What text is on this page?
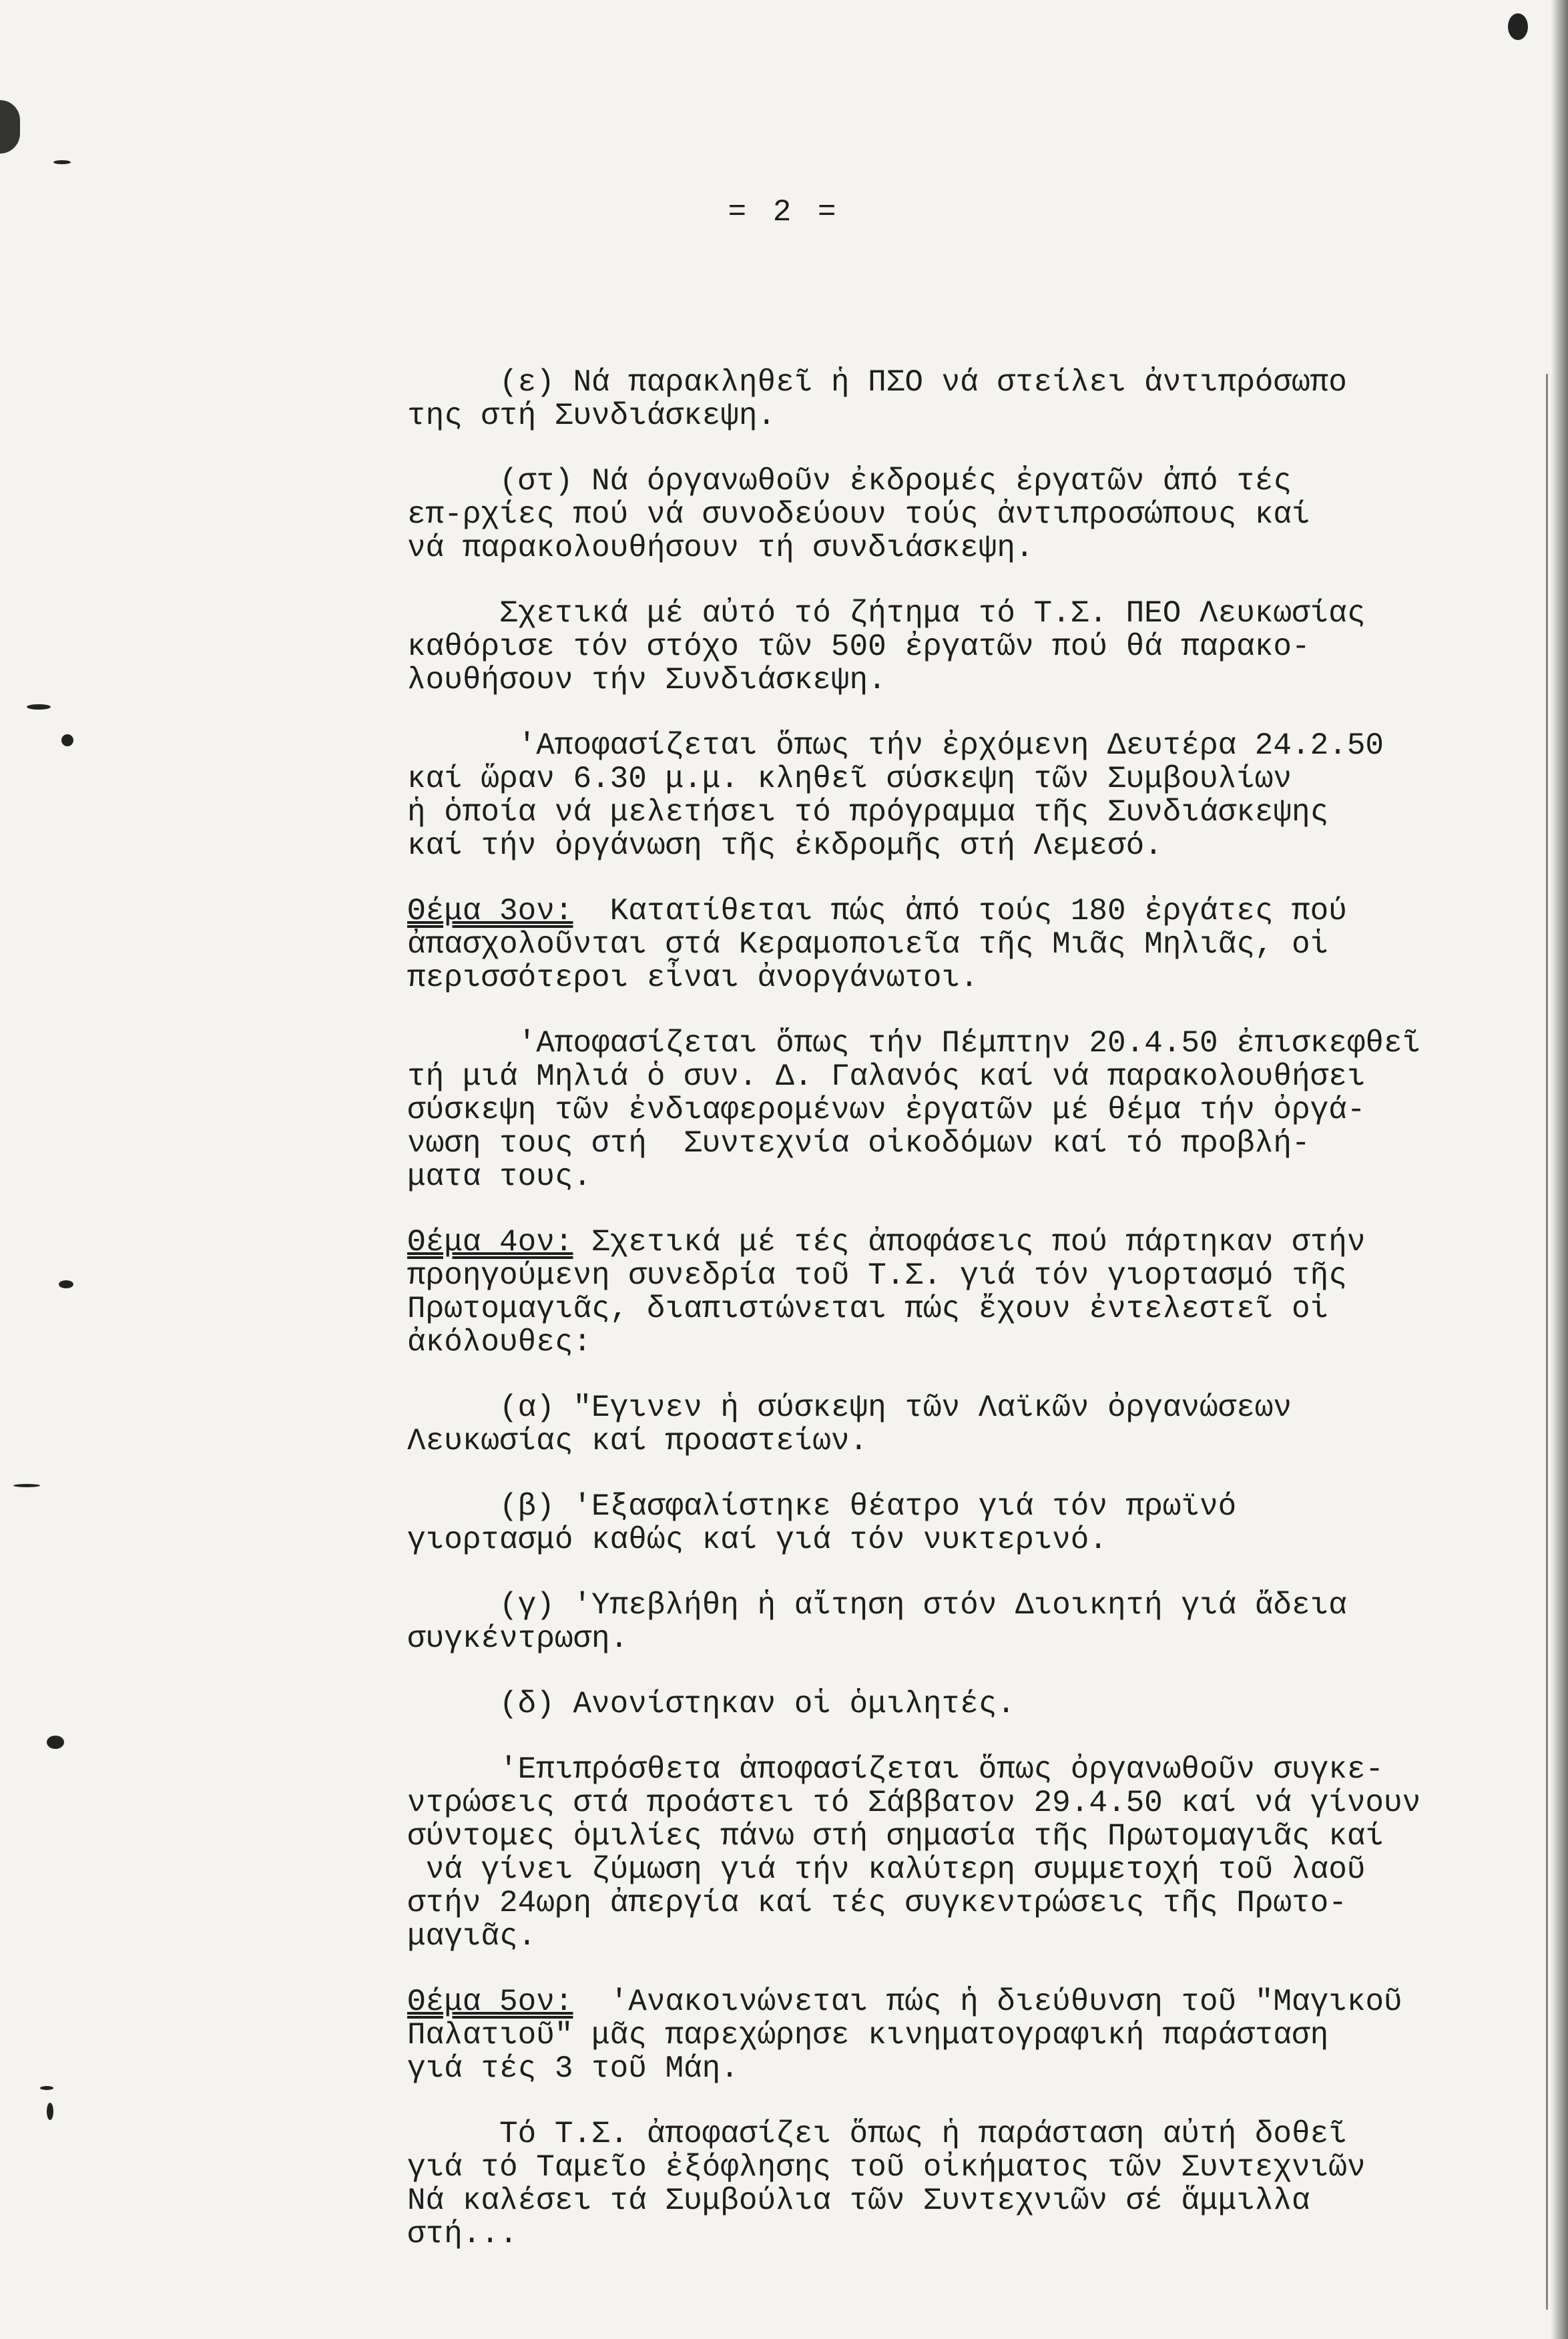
= 2 =
(ε) Νά παρακληθεῖ ἡ ΠΣΟ νά στείλει ἀντιπρόσωπο
της στή Συνδιάσκεψη.
(στ) Νά όργανωθοῦν ἐκδρομές ἐργατῶν ἀπό τές
επ-ρχίες πού νά συνοδεύουν τούς ἀντιπροσώπους καί
νά παρακολουθήσουν τή συνδιάσκεψη.
Σχετικά μέ αὐτό τό ζήτημα τό Τ.Σ. ΠΕΟ Λευκωσίας
καθόρισε τόν στόχο τῶν 500 ἐργατῶν πού θά παρακο-
λουθήσουν τήν Συνδιάσκεψη.
'Αποφασίζεται ὅπως τήν ἐρχόμενη Δευτέρα 24.2.50
καί ὥραν 6.30 μ.μ. κληθεῖ σύσκεψη τῶν Συμβουλίων
ἡ ὁποία νά μελετήσει τό πρόγραμμα τῆς Συνδιάσκεψης
καί τήν ὀργάνωση τῆς ἐκδρομῆς στή Λεμεσό.
Θέμα 3ον:  Κατατίθεται πώς ἀπό τούς 180 ἐργάτες πού
ἀπασχολοῦνται στά Κεραμοποιεῖα τῆς Μιᾶς Μηλιᾶς, οἱ
περισσότεροι εἶναι ἀνοργάνωτοι.
'Αποφασίζεται ὅπως τήν Πέμπτην 20.4.50 ἐπισκεφθεῖ
τή μιά Μηλιά ὁ συν. Δ. Γαλανός καί νά παρακολουθήσει
σύσκεψη τῶν ἐνδιαφερομένων ἐργατῶν μέ θέμα τήν ὀργά-
νωση τους στή  Συντεχνία οἰκοδόμων καί τό προβλή-
ματα τους.
Θέμα 4ον: Σχετικά μέ τές ἀποφάσεις πού πάρτηκαν στήν
προηγούμενη συνεδρία τοῦ Τ.Σ. γιά τόν γιορτασμό τῆς
Πρωτομαγιᾶς, διαπιστώνεται πώς ἔχουν ἐντελεστεῖ οἱ
ἀκόλουθες:
(α) "Εγινεν ἡ σύσκεψη τῶν Λαϊκῶν ὀργανώσεων
Λευκωσίας καί προαστείων.
(β) 'Εξασφαλίστηκε θέατρο γιά τόν πρωϊνό
γιορτασμό καθώς καί γιά τόν νυκτερινό.
(γ) 'Υπεβλήθη ἡ αἴτηση στόν Διοικητή γιά ἄδεια
συγκέντρωση.
(δ) Ανονίστηκαν οἱ ὁμιλητές.
'Επιπρόσθετα ἀποφασίζεται ὅπως ὀργανωθοῦν συγκε-
ντρώσεις στά προάστει τό Σάββατον 29.4.50 καί νά γίνουν
σύντομες ὁμιλίες πάνω στή σημασία τῆς Πρωτομαγιᾶς καί
νά γίνει ζύμωση γιά τήν καλύτερη συμμετοχή τοῦ λαοῦ
στήν 24ωρη ἀπεργία καί τές συγκεντρώσεις τῆς Πρωτο-
μαγιᾶς.
Θέμα 5ον:  'Ανακοινώνεται πώς ἡ διεύθυνση τοῦ "Μαγικοῦ
Παλατιοῦ" μᾶς παρεχώρησε κινηματογραφική παράσταση
γιά τές 3 τοῦ Μάη.
Τό Τ.Σ. ἀποφασίζει ὅπως ἡ παράσταση αὐτή δοθεῖ
γιά τό Ταμεῖο ἐξόφλησης τοῦ οἰκήματος τῶν Συντεχνιῶν
Νά καλέσει τά Συμβούλια τῶν Συντεχνιῶν σέ ἅμμιλλα
στή...
